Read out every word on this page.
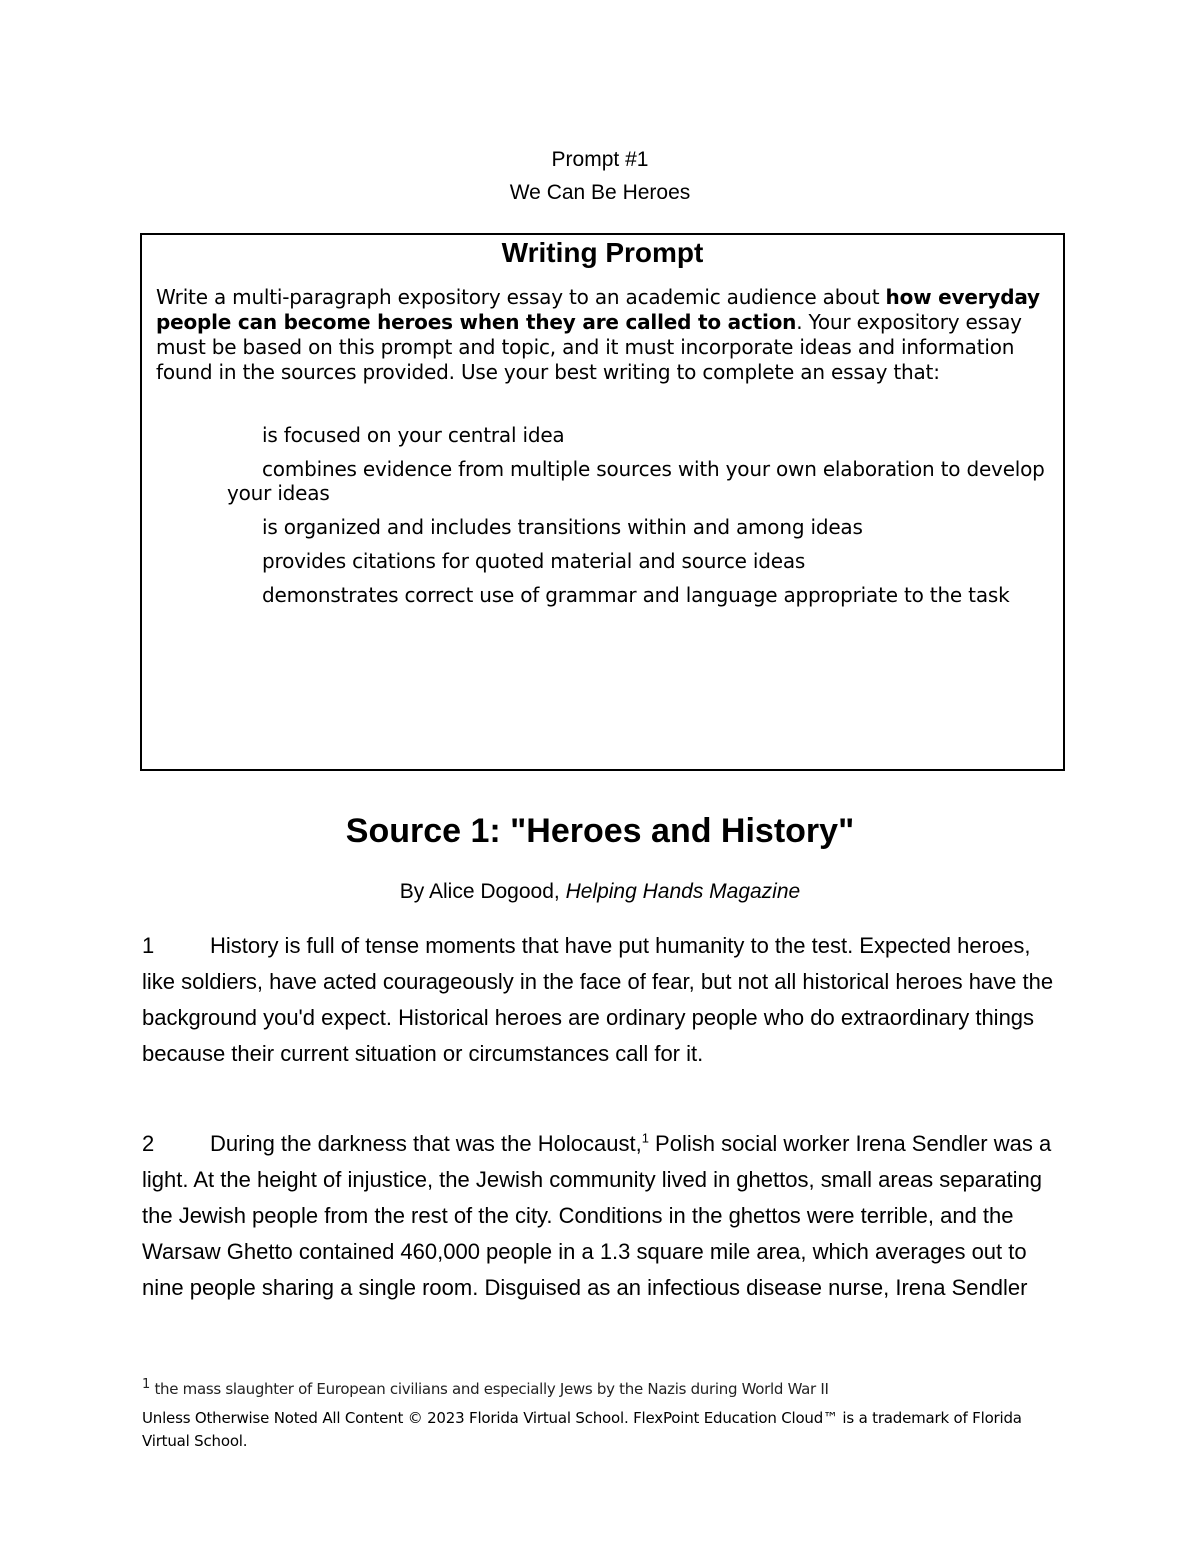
Prompt #1
We Can Be Heroes
Writing Prompt
Write a multi-paragraph expository essay to an academic audience about how everyday people can become heroes when they are called to action. Your expository essay must be based on this prompt and topic, and it must incorporate ideas and information found in the sources provided. Use your best writing to complete an essay that:
is focused on your central idea
combines evidence from multiple sources with your own elaboration to develop your ideas
is organized and includes transitions within and among ideas
provides citations for quoted material and source ideas
demonstrates correct use of grammar and language appropriate to the task
Source 1: "Heroes and History"
By Alice Dogood, Helping Hands Magazine
1	History is full of tense moments that have put humanity to the test. Expected heroes, like soldiers, have acted courageously in the face of fear, but not all historical heroes have the background you'd expect. Historical heroes are ordinary people who do extraordinary things because their current situation or circumstances call for it.
2	During the darkness that was the Holocaust,$^1$ Polish social worker Irena Sendler was a light. At the height of injustice, the Jewish community lived in ghettos, small areas separating the Jewish people from the rest of the city. Conditions in the ghettos were terrible, and the Warsaw Ghetto contained 460,000 people in a 1.3 square mile area, which averages out to nine people sharing a single room. Disguised as an infectious disease nurse, Irena Sendler
$^1$ the mass slaughter of European civilians and especially Jews by the Nazis during World War II
Unless Otherwise Noted All Content © 2023 Florida Virtual School. FlexPoint Education Cloud™ is a trademark of Florida Virtual School.
